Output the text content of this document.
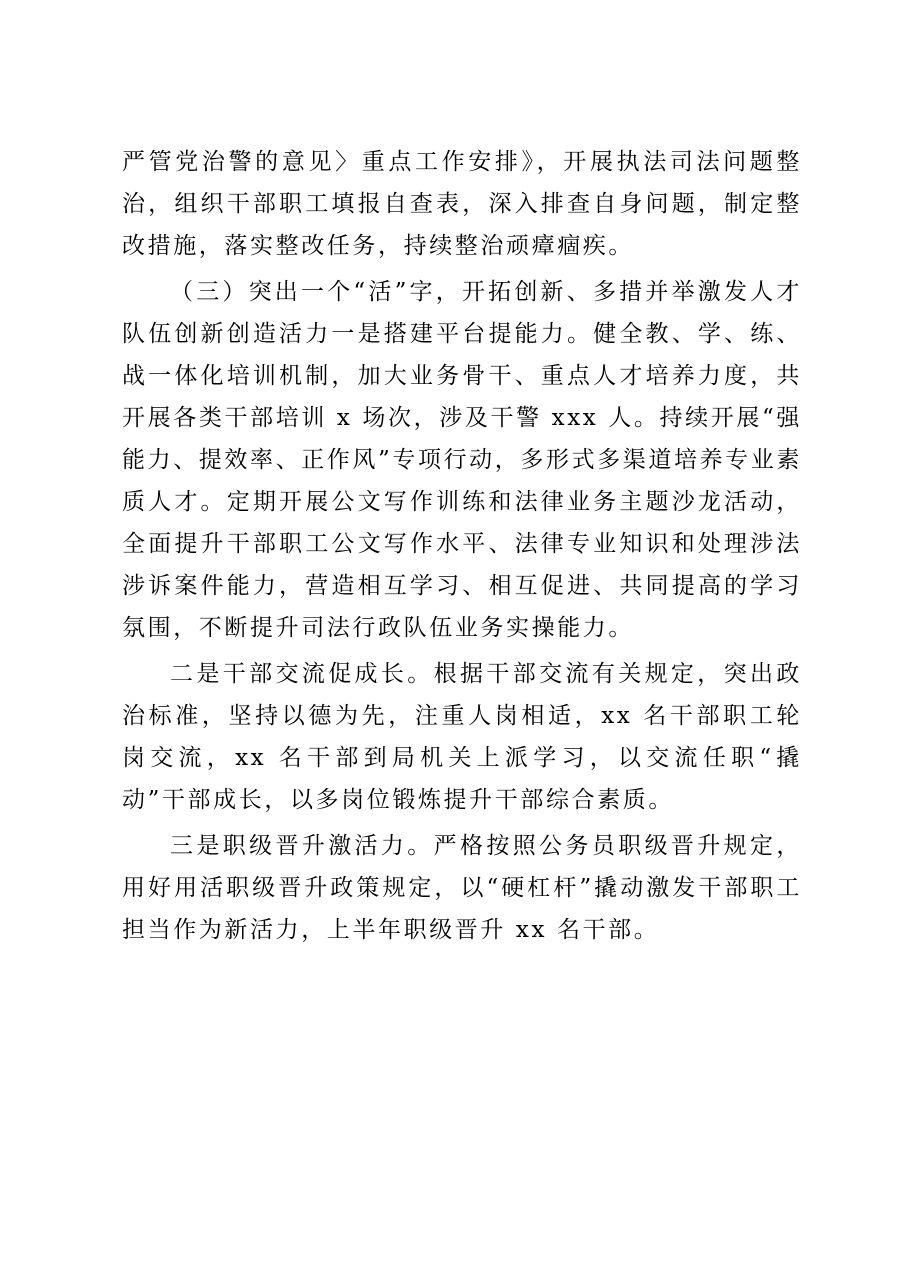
严管党治警的意见〉重点工作安排》，开展执法司法问题整治，组织干部职工填报自查表，深入排查自身问题，制定整改措施，落实整改任务，持续整治顽瘴痼疾。

（三）突出一个“活”字，开拓创新、多措并举激发人才队伍创新创造活力一是搭建平台提能力。健全教、学、练、战一体化培训机制，加大业务骨干、重点人才培养力度，共开展各类干部培训 x 场次，涉及干警 xxx 人。持续开展“强能力、提效率、正作风”专项行动，多形式多渠道培养专业素质人才。定期开展公文写作训练和法律业务主题沙龙活动，全面提升干部职工公文写作水平、法律专业知识和处理涉法涉诉案件能力，营造相互学习、相互促进、共同提高的学习氛围，不断提升司法行政队伍业务实操能力。

二是干部交流促成长。根据干部交流有关规定，突出政治标准，坚持以德为先，注重人岗相适，xx 名干部职工轮岗交流，xx 名干部到局机关上派学习，以交流任职“撬动”干部成长，以多岗位锻炼提升干部综合素质。

三是职级晋升激活力。严格按照公务员职级晋升规定，用好用活职级晋升政策规定，以“硬杠杆”撬动激发干部职工担当作为新活力，上半年职级晋升 xx 名干部。
